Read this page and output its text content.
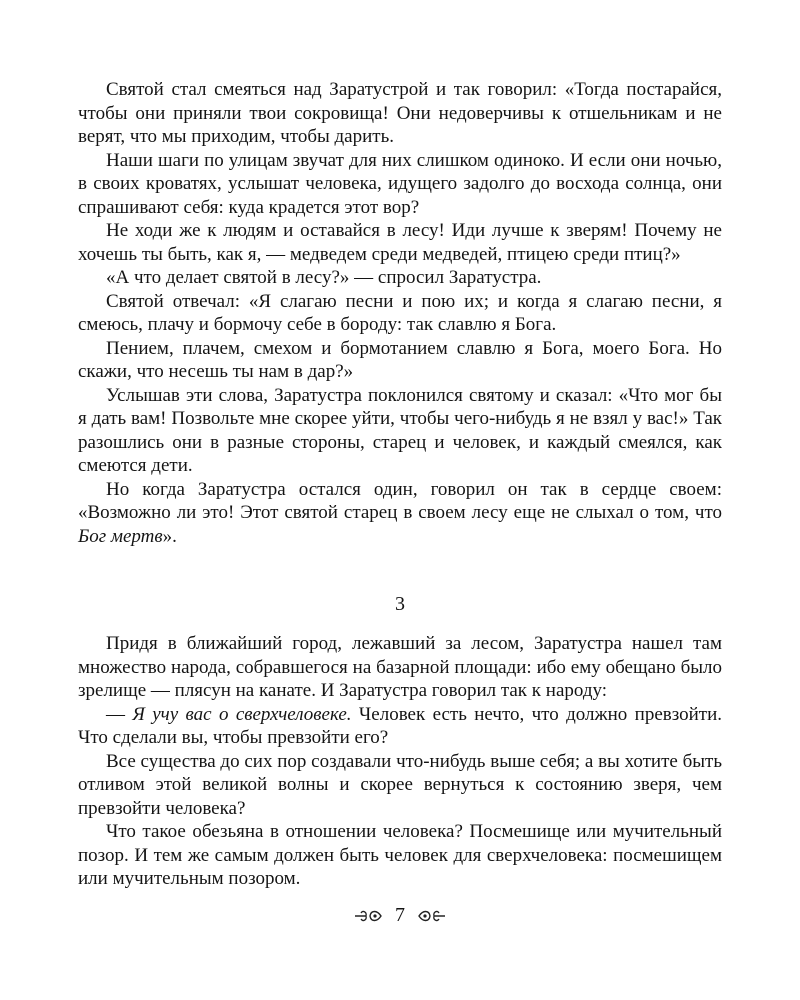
Святой стал смеяться над Заратустрой и так говорил: «Тогда постарайся, чтобы они приняли твои сокровища! Они недоверчивы к отшельникам и не верят, что мы приходим, чтобы дарить.

Наши шаги по улицам звучат для них слишком одиноко. И если они ночью, в своих кроватях, услышат человека, идущего задолго до восхода солнца, они спрашивают себя: куда крадется этот вор?

Не ходи же к людям и оставайся в лесу! Иди лучше к зверям! Почему не хочешь ты быть, как я, — медведем среди медведей, птицею среди птиц?»

«А что делает святой в лесу?» — спросил Заратустра.

Святой отвечал: «Я слагаю песни и пою их; и когда я слагаю песни, я смеюсь, плачу и бормочу себе в бороду: так славлю я Бога.

Пением, плачем, смехом и бормотанием славлю я Бога, моего Бога. Но скажи, что несешь ты нам в дар?»

Услышав эти слова, Заратустра поклонился святому и сказал: «Что мог бы я дать вам! Позвольте мне скорее уйти, чтобы чего-нибудь я не взял у вас!» Так разошлись они в разные стороны, старец и человек, и каждый смеялся, как смеются дети.

Но когда Заратустра остался один, говорил он так в сердце своем: «Возможно ли это! Этот святой старец в своем лесу еще не слыхал о том, что Бог мертв».

3

Придя в ближайший город, лежавший за лесом, Заратустра нашел там множество народа, собравшегося на базарной площади: ибо ему обещано было зрелище — плясун на канате. И Заратустра говорил так к народу:

— Я учу вас о сверхчеловеке. Человек есть нечто, что должно превзойти. Что сделали вы, чтобы превзойти его?

Все существа до сих пор создавали что-нибудь выше себя; а вы хотите быть отливом этой великой волны и скорее вернуться к состоянию зверя, чем превзойти человека?

Что такое обезьяна в отношении человека? Посмешище или мучительный позор. И тем же самым должен быть человек для сверхчеловека: посмешищем или мучительным позором.

7
